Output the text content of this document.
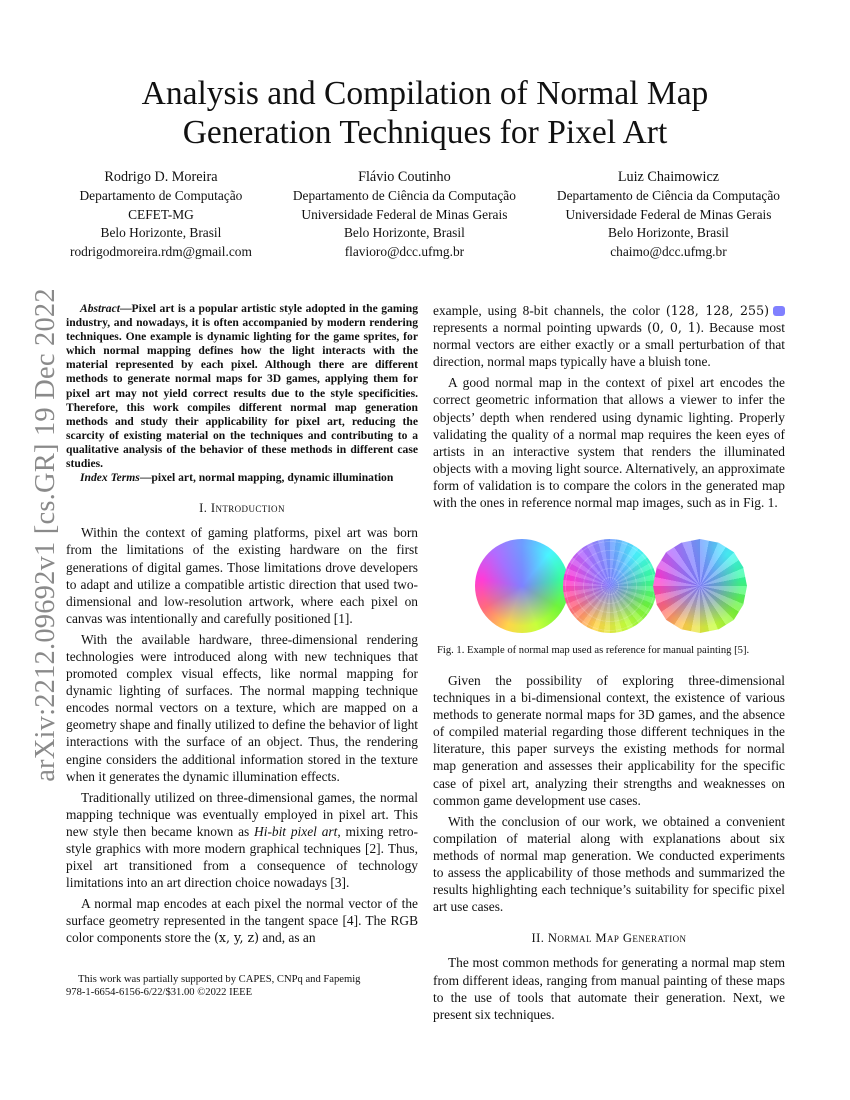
arXiv:2212.09692v1 [cs.GR] 19 Dec 2022
Analysis and Compilation of Normal Map Generation Techniques for Pixel Art
Rodrigo D. Moreira
Departamento de Computação
CEFET-MG
Belo Horizonte, Brasil
rodrigodmoreira.rdm@gmail.com
Flávio Coutinho
Departamento de Ciência da Computação
Universidade Federal de Minas Gerais
Belo Horizonte, Brasil
flavioro@dcc.ufmg.br
Luiz Chaimowicz
Departamento de Ciência da Computação
Universidade Federal de Minas Gerais
Belo Horizonte, Brasil
chaimo@dcc.ufmg.br

Abstract—Pixel art is a popular artistic style adopted in the gaming industry, and nowadays, it is often accompanied by modern rendering techniques. One example is dynamic lighting for the game sprites, for which normal mapping defines how the light interacts with the material represented by each pixel. Although there are different methods to generate normal maps for 3D games, applying them for pixel art may not yield correct results due to the style specificities. Therefore, this work compiles different normal map generation methods and study their applicability for pixel art, reducing the scarcity of existing material on the techniques and contributing to a qualitative analysis of the behavior of these methods in different case studies.

Index Terms—pixel art, normal mapping, dynamic illumination

I. Introduction

Within the context of gaming platforms, pixel art was born from the limitations of the existing hardware on the first generations of digital games. Those limitations drove developers to adapt and utilize a compatible artistic direction that used two-dimensional and low-resolution artwork, where each pixel on canvas was intentionally and carefully positioned [1].

With the available hardware, three-dimensional rendering technologies were introduced along with new techniques that promoted complex visual effects, like normal mapping for dynamic lighting of surfaces. The normal mapping technique encodes normal vectors on a texture, which are mapped on a geometry shape and finally utilized to define the behavior of light interactions with the surface of an object. Thus, the rendering engine considers the additional information stored in the texture when it generates the dynamic illumination effects.

Traditionally utilized on three-dimensional games, the normal mapping technique was eventually employed in pixel art. This new style then became known as Hi-bit pixel art, mixing retro-style graphics with more modern graphical techniques [2]. Thus, pixel art transitioned from a consequence of technology limitations into an art direction choice nowadays [3].

A normal map encodes at each pixel the normal vector of the surface geometry represented in the tangent space [4]. The RGB color components store the (x, y, z) and, as an

This work was partially supported by CAPES, CNPq and Fapemig
978-1-6654-6156-6/22/$31.00 ©2022 IEEE

example, using 8-bit channels, the color (128, 128, 255) represents a normal pointing upwards (0, 0, 1). Because most normal vectors are either exactly or a small perturbation of that direction, normal maps typically have a bluish tone.

A good normal map in the context of pixel art encodes the correct geometric information that allows a viewer to infer the objects’ depth when rendered using dynamic lighting. Properly validating the quality of a normal map requires the keen eyes of artists in an interactive system that renders the illuminated objects with a moving light source. Alternatively, an approximate form of validation is to compare the colors in the generated map with the ones in reference normal map images, such as in Fig. 1.

Fig. 1. Example of normal map used as reference for manual painting [5].

Given the possibility of exploring three-dimensional techniques in a bi-dimensional context, the existence of various methods to generate normal maps for 3D games, and the absence of compiled material regarding those different techniques in the literature, this paper surveys the existing methods for normal map generation and assesses their applicability for the specific case of pixel art, analyzing their strengths and weaknesses on common game development use cases.

With the conclusion of our work, we obtained a convenient compilation of material along with explanations about six methods of normal map generation. We conducted experiments to assess the applicability of those methods and summarized the results highlighting each technique’s suitability for specific pixel art use cases.

II. Normal Map Generation

The most common methods for generating a normal map stem from different ideas, ranging from manual painting of these maps to the use of tools that automate their generation. Next, we present six techniques.
